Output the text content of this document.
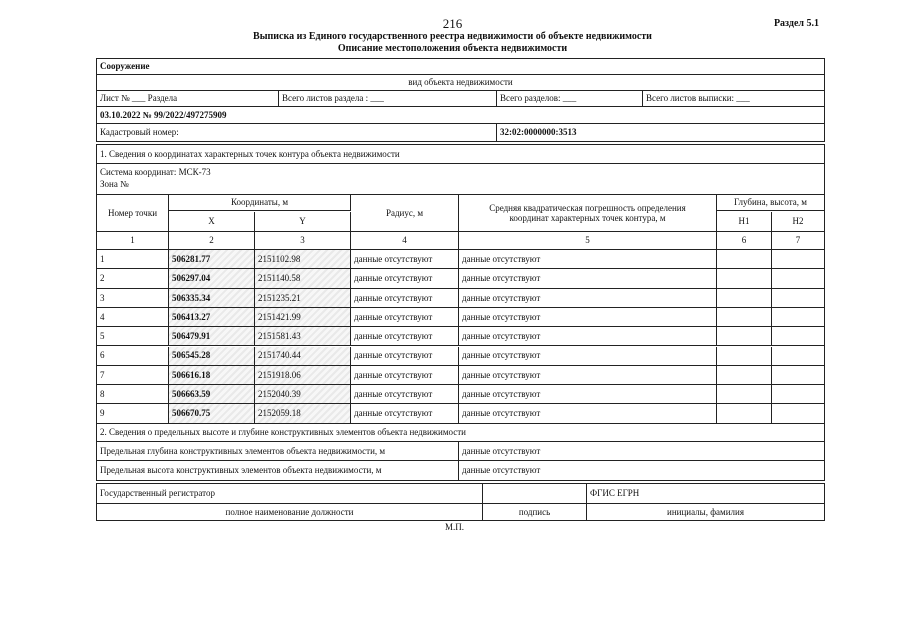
216	Раздел 5.1
Выписка из Единого государственного реестра недвижимости об объекте недвижимости
Описание местоположения объекта недвижимости
Сооружение
вид объекта недвижимости
Лист № ___ Раздела	Всего листов раздела : ___	Всего разделов: ___	Всего листов выписки: ___
03.10.2022 № 99/2022/497275909
Кадастровый номер:	32:02:0000000:3513
1. Сведения о координатах характерных точек контура объекта недвижимости
Система координат: МСК-73
Зона №
Номер точки
Координаты, м
X	Y
Радиус, м
Средняя квадратическая погрешность определения
координат характерных точек контура, м
Глубина, высота, м
Н1	Н2
1	2	3	4	5	6	7
1	506281.77	2151102.98	данные отсутствуют	данные отсутствуют
2	506297.04	2151140.58	данные отсутствуют	данные отсутствуют
3	506335.34	2151235.21	данные отсутствуют	данные отсутствуют
4	506413.27	2151421.99	данные отсутствуют	данные отсутствуют
5	506479.91	2151581.43	данные отсутствуют	данные отсутствуют
6	506545.28	2151740.44	данные отсутствуют	данные отсутствуют
7	506616.18	2151918.06	данные отсутствуют	данные отсутствуют
8	506663.59	2152040.39	данные отсутствуют	данные отсутствуют
9	506670.75	2152059.18	данные отсутствуют	данные отсутствуют
2. Сведения о предельных высоте и глубине конструктивных элементов объекта недвижимости
Предельная глубина конструктивных элементов объекта недвижимости, м	данные отсутствуют
Предельная высота конструктивных элементов объекта недвижимости, м	данные отсутствуют
Государственный регистратор	ФГИС ЕГРН
полное наименование должности	подпись	инициалы, фамилия
М.П.
